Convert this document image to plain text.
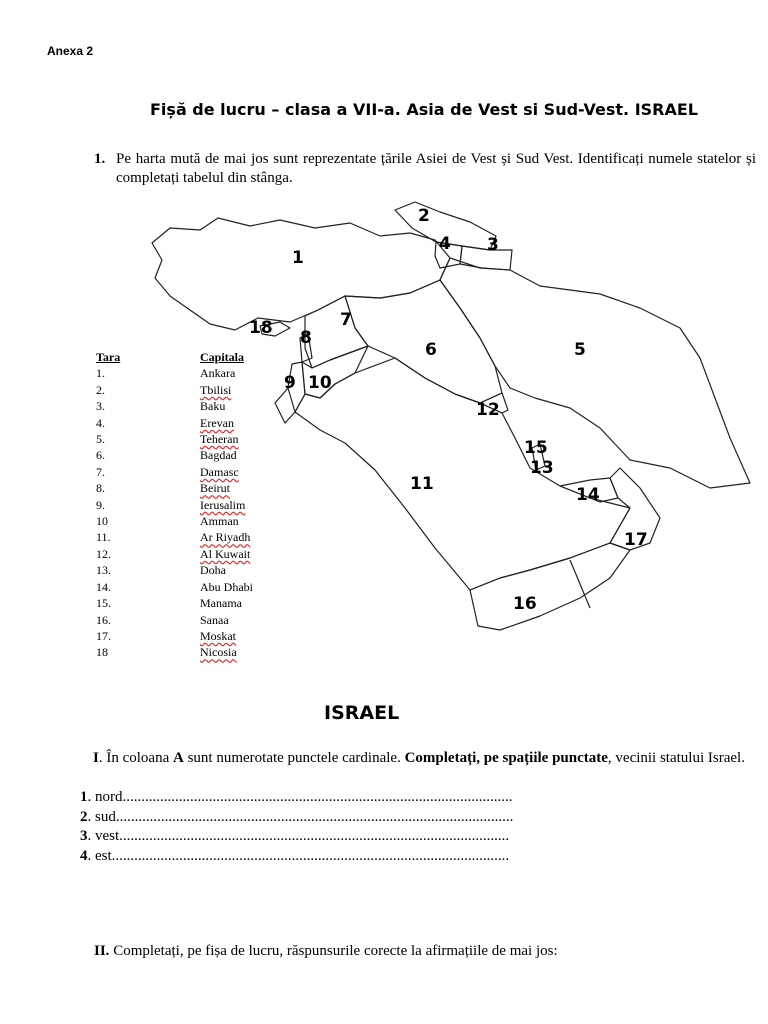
Anexa 2
Fișă de lucru – clasa a VII-a. Asia de Vest si Sud-Vest. ISRAEL
1. Pe harta mută de mai jos sunt reprezentate țările Asiei de Vest și Sud Vest. Identificați numele statelor și completați tabelul din stânga.
1
2
3
4
5
6
7
8
9 10
11
12
13
14
15
16
17
18
Tara	Capitala
1.	Ankara
2.	Tbilisi
3.	Baku
4.	Erevan
5.	Teheran
6.	Bagdad
7.	Damasc
8.	Beirut
9.	Ierusalim
10	Amman
11.	Ar Riyadh
12.	Al Kuwait
13.	Doha
14.	Abu Dhabi
15.	Manama
16.	Sanaa
17.	Moskat
18	Nicosia
ISRAEL
I. În coloana A sunt numerotate punctele cardinale. Completați, pe spațiile punctate, vecinii statului Israel.
1. nord........................................................................................................
2. sud..........................................................................................................
3. vest........................................................................................................
4. est..........................................................................................................
II. Completați, pe fișa de lucru, răspunsurile corecte la afirmațiile de mai jos:
